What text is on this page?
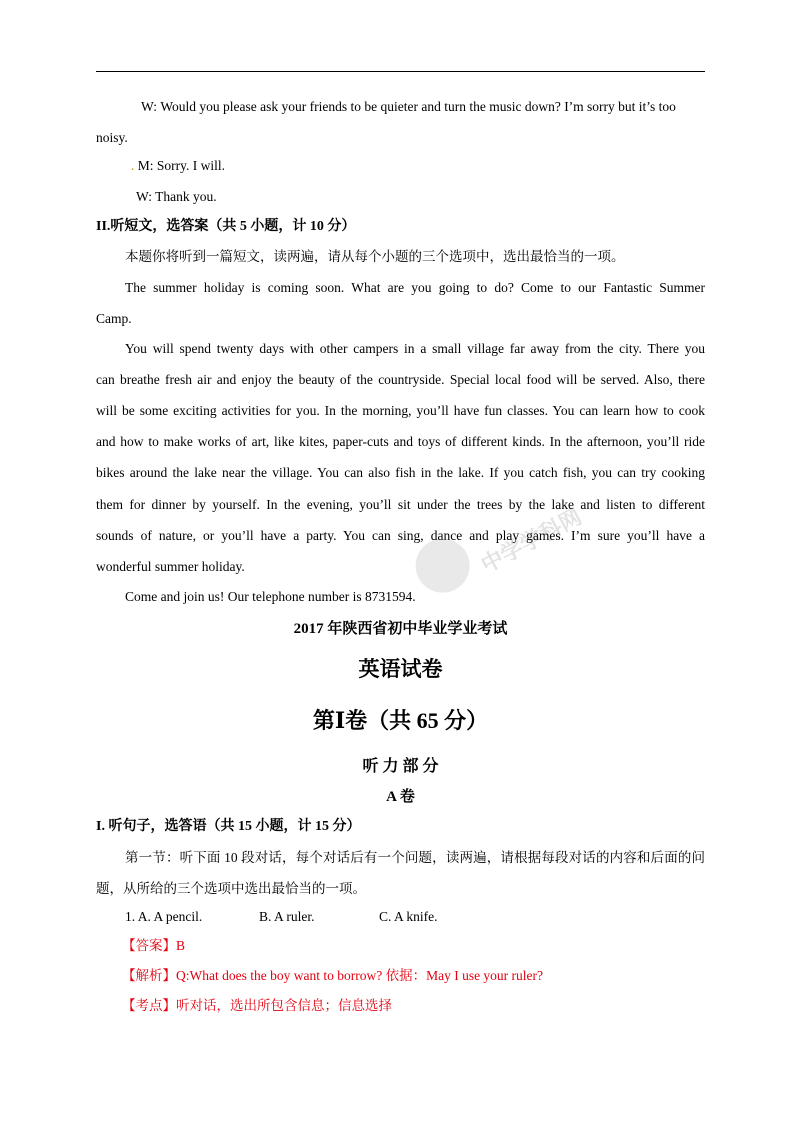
W: Would you please ask your friends to be quieter and turn the music down? I’m sorry but it’s too
noisy.
. M: Sorry. I will.
W: Thank you.
II.听短文，选答案（共 5 小题，计 10 分）
本题你将听到一篇短文，读两遍，请从每个小题的三个选项中，选出最恰当的一项。
The summer holiday is coming soon. What are you going to do? Come to our Fantastic Summer
Camp.
You will spend twenty days with other campers in a small village far away from the city. There you
can breathe fresh air and enjoy the beauty of the countryside. Special local food will be served. Also, there
will be some exciting activities for you. In the morning, you’ll have fun classes. You can learn how to cook
and how to make works of art, like kites, paper-cuts and toys of different kinds. In the afternoon, you’ll ride
bikes around the lake near the village. You can also fish in the lake. If you catch fish, you can try cooking
them for dinner by yourself. In the evening, you’ll sit under the trees by the lake and listen to different
sounds of nature, or you’ll have a party. You can sing, dance and play games. I’m sure you’ll have a
wonderful summer holiday.
Come and join us! Our telephone number is 8731594.
2017 年陕西省初中毕业学业考试
英语试卷
第Ⅰ卷（共 65 分）
听 力 部 分
A 卷
I. 听句子，选答语（共 15 小题，计 15 分）
第一节：听下面 10 段对话，每个对话后有一个问题，读两遍，请根据每段对话的内容和后面的问
题，从所给的三个选项中选出最恰当的一项。
1. A. A pencil.	B. A ruler.	C. A knife.
【答案】B
【解析】Q:What does the boy want to borrow? 依据：May I use your ruler?
【考点】听对话，选出所包含信息；信息选择
中学学科网
